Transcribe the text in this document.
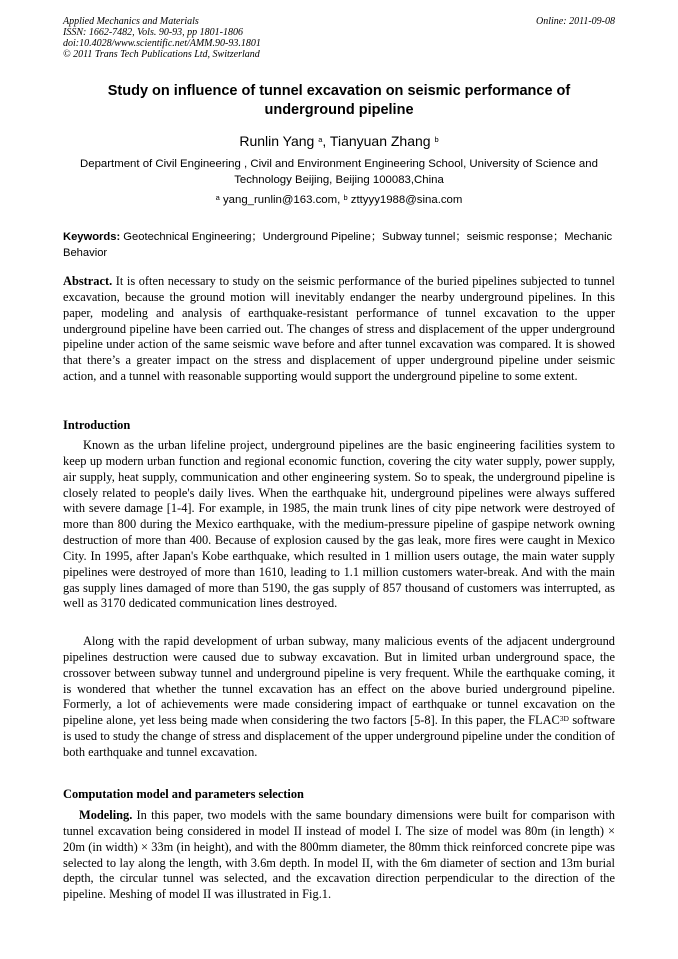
Applied Mechanics and Materials
ISSN: 1662-7482, Vols. 90-93, pp 1801-1806
doi:10.4028/www.scientific.net/AMM.90-93.1801
© 2011 Trans Tech Publications Ltd, Switzerland
Online: 2011-09-08
Study on influence of tunnel excavation on seismic performance of underground pipeline
Runlin Yang $^a$, Tianyuan Zhang $^b$
Department of Civil Engineering , Civil and Environment Engineering School, University of Science and Technology Beijing, Beijing 100083,China
$^a$ yang_runlin@163.com, $^b$ zttyyy1988@sina.com
Keywords: Geotechnical Engineering；Underground Pipeline；Subway tunnel；seismic response；Mechanic Behavior
Abstract. It is often necessary to study on the seismic performance of the buried pipelines subjected to tunnel excavation, because the ground motion will inevitably endanger the nearby underground pipelines. In this paper, modeling and analysis of earthquake-resistant performance of tunnel excavation to the upper underground pipeline have been carried out. The changes of stress and displacement of the upper underground pipeline under action of the same seismic wave before and after tunnel excavation was compared. It is showed that there’s a greater impact on the stress and displacement of upper underground pipeline under seismic action, and a tunnel with reasonable supporting would support the underground pipeline to some extent.
Introduction
Known as the urban lifeline project, underground pipelines are the basic engineering facilities system to keep up modern urban function and regional economic function, covering the city water supply, power supply, air supply, heat supply, communication and other engineering system. So to speak, the underground pipeline is closely related to people's daily lives. When the earthquake hit, underground pipelines were always suffered with severe damage [1-4]. For example, in 1985, the main trunk lines of city pipe network were destroyed of more than 800 during the Mexico earthquake, with the medium-pressure pipeline of gaspipe network owning destruction of more than 400. Because of explosion caused by the gas leak, more fires were caught in Mexico City. In 1995, after Japan's Kobe earthquake, which resulted in 1 million users outage, the main water supply pipelines were destroyed of more than 1610, leading to 1.1 million customers water-break. And with the main gas supply lines damaged of more than 5190, the gas supply of 857 thousand of customers was interrupted, as well as 3170 dedicated communication lines destroyed.
Along with the rapid development of urban subway, many malicious events of the adjacent underground pipelines destruction were caused due to subway excavation. But in limited urban underground space, the crossover between subway tunnel and underground pipeline is very frequent. While the earthquake coming, it is wondered that whether the tunnel excavation has an effect on the above buried underground pipeline. Formerly, a lot of achievements were made considering impact of earthquake or tunnel excavation on the pipeline alone, yet less being made when considering the two factors [5-8]. In this paper, the $FLAC^{3D}$ software is used to study the change of stress and displacement of the upper underground pipeline under the condition of both earthquake and tunnel excavation.
Computation model and parameters selection
Modeling. In this paper, two models with the same boundary dimensions were built for comparison with tunnel excavation being considered in model II instead of model I. The size of model was 80m (in length) × 20m (in width) × 33m (in height), and with the 800mm diameter, the 80mm thick reinforced concrete pipe was selected to lay along the length, with 3.6m depth. In model II, with the 6m diameter of section and 13m burial depth, the circular tunnel was selected, and the excavation direction perpendicular to the direction of the pipeline. Meshing of model II was illustrated in Fig.1.
